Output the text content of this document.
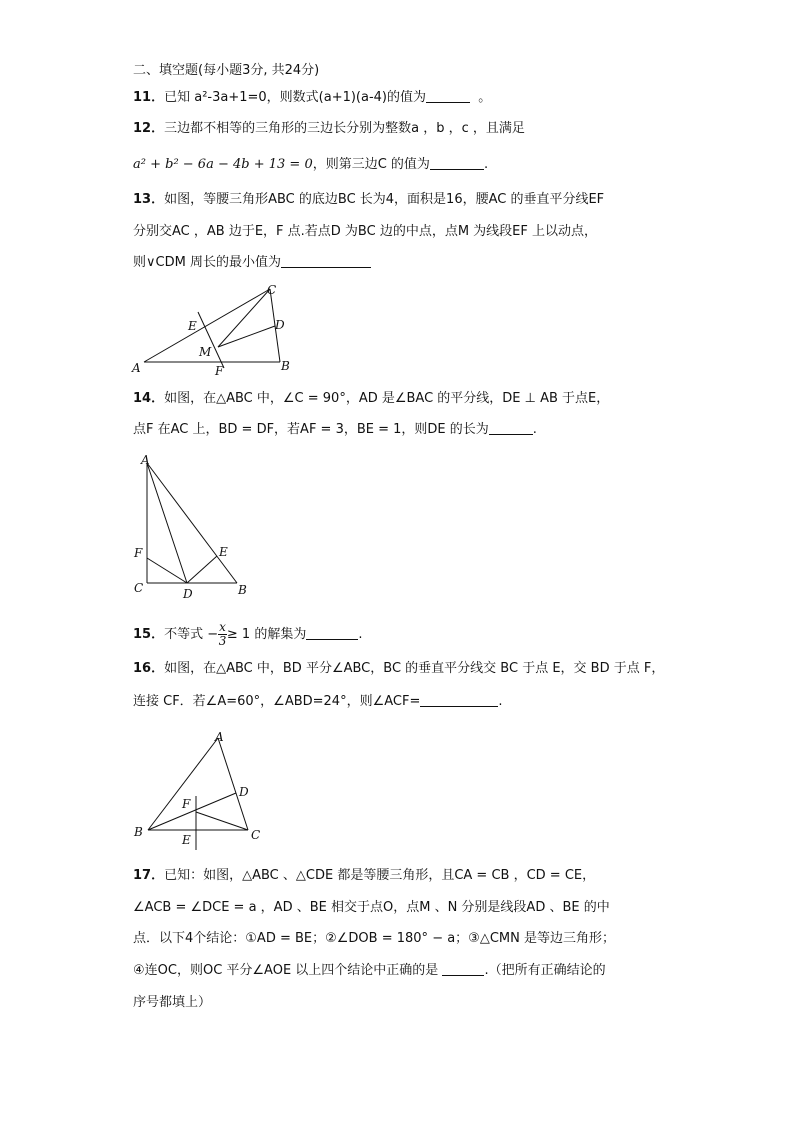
二、填空题(每小题3分, 共24分)
11．已知 a²-3a+1=0，则数式(a+1)(a-4)的值为	。
12．三边都不相等的三角形的三边长分别为整数a ，b ，c ，且满足
a² + b² − 6a − 4b + 13 = 0，则第三边C 的值为	.
13．如图，等腰三角形ABC 的底边BC 长为4，面积是16，腰AC 的垂直平分线EF
分别交AC ，AB 边于E，F 点.若点D 为BC 边的中点，点M 为线段EF 上以动点，
则∨CDM 周长的最小值为
C
E	D
M
A	F	B
14．如图，在△ABC 中，∠C = 90°，AD 是∠BAC 的平分线，DE ⊥ AB 于点E，
点F 在AC 上，BD = DF，若AF = 3，BE = 1，则DE 的长为	.
A
F	E
C	D	B
15．不等式 − $\frac{x}{3} \ge 1$ 的解集为	.
16．如图，在△ABC 中，BD 平分∠ABC，BC 的垂直平分线交 BC 于点 E，交 BD 于点 F，
连接 CF．若∠A=60°，∠ABD=24°，则∠ACF=	.
A
D
F
B
E	C
17．已知：如图，△ABC 、△CDE 都是等腰三角形，且CA = CB ，CD = CE，
∠ACB = ∠DCE = a ，AD 、BE 相交于点O，点M 、N 分别是线段AD 、BE 的中
点．以下4个结论：①AD = BE；②∠DOB = 180° − a；③△CMN 是等边三角形；
④连OC，则OC 平分∠AOE 以上四个结论中正确的是	.（把所有正确结论的
序号都填上）
